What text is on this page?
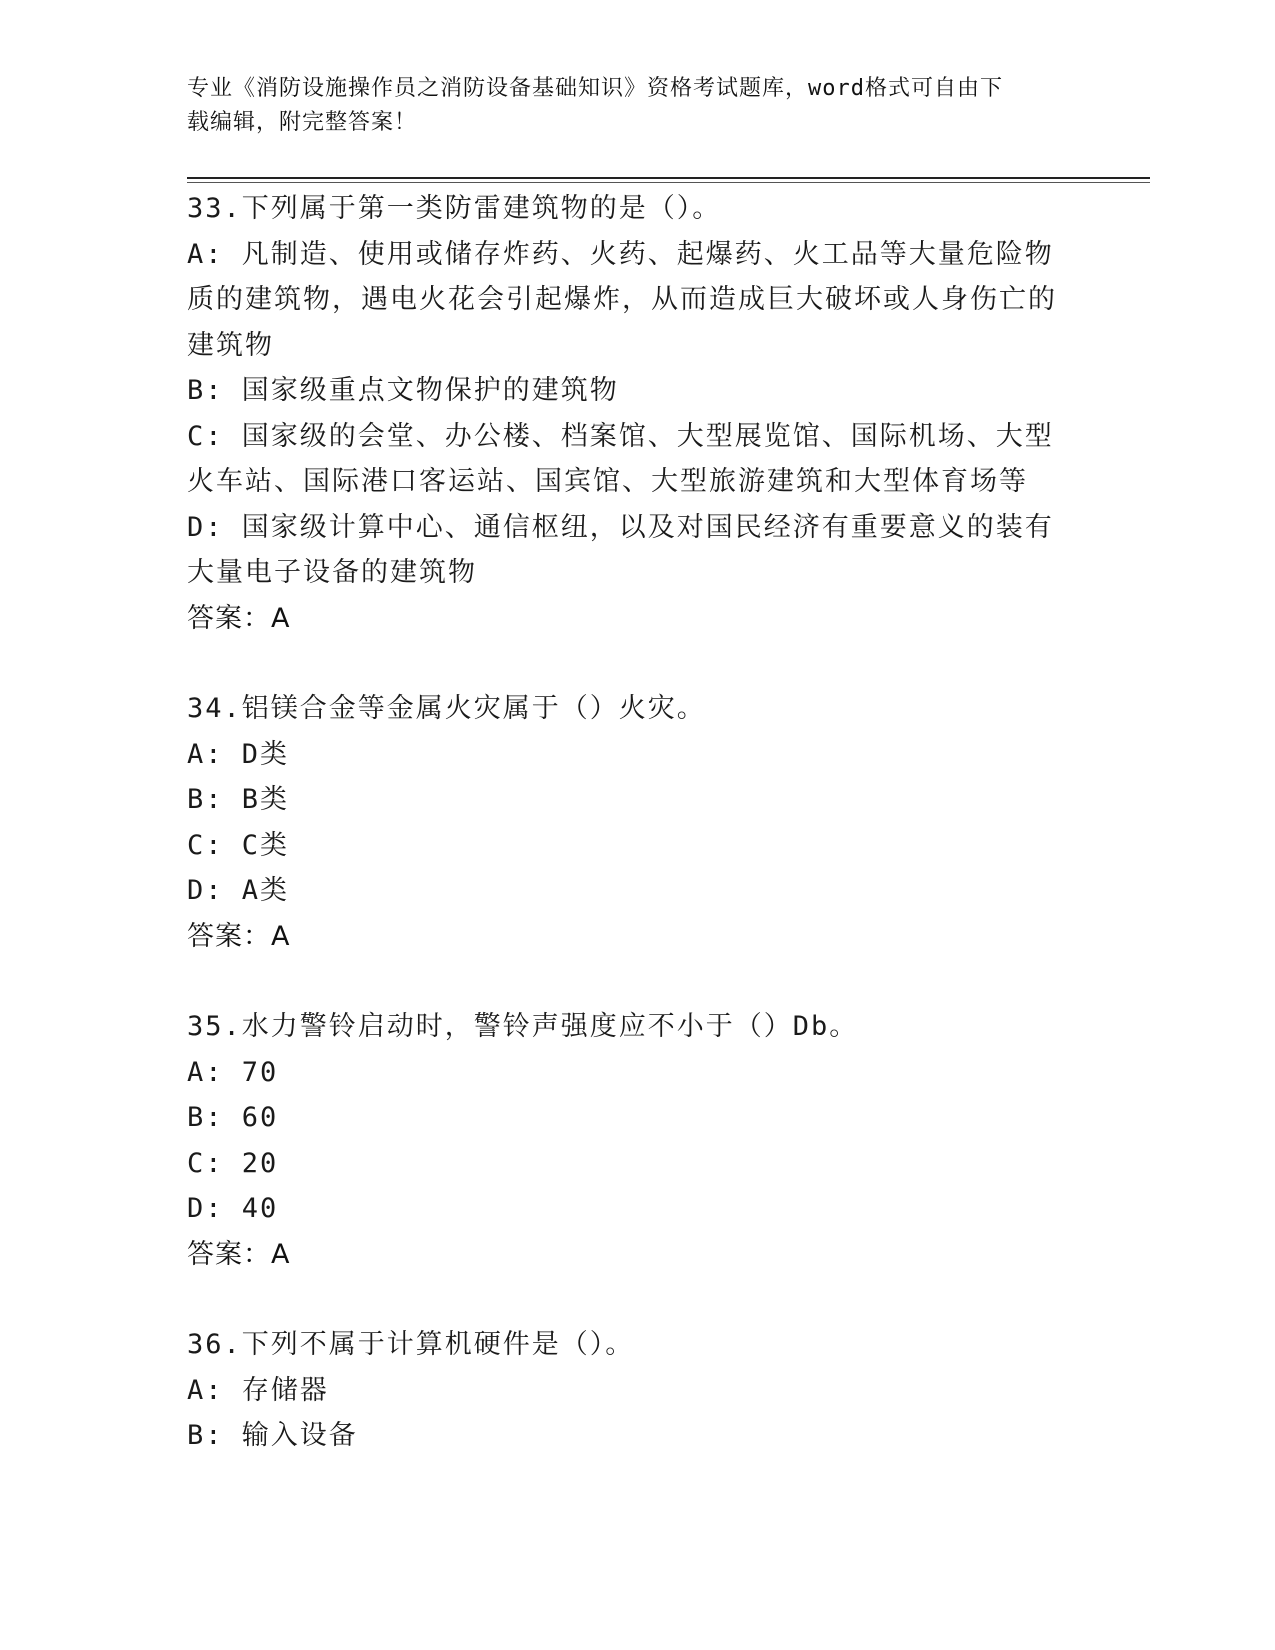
专业《消防设施操作员之消防设备基础知识》资格考试题库，word格式可自由下
载编辑，附完整答案！
33.下列属于第一类防雷建筑物的是（）。
A: 凡制造、使用或储存炸药、火药、起爆药、火工品等大量危险物质的建筑物，遇电火花会引起爆炸，从而造成巨大破坏或人身伤亡的建筑物
B: 国家级重点文物保护的建筑物
C: 国家级的会堂、办公楼、档案馆、大型展览馆、国际机场、大型火车站、国际港口客运站、国宾馆、大型旅游建筑和大型体育场等
D: 国家级计算中心、通信枢纽，以及对国民经济有重要意义的装有大量电子设备的建筑物
答案：A
34.铝镁合金等金属火灾属于（）火灾。
A: D类
B: B类
C: C类
D: A类
答案：A
35.水力警铃启动时，警铃声强度应不小于（）Db。
A: 70
B: 60
C: 20
D: 40
答案：A
36.下列不属于计算机硬件是（）。
A: 存储器
B: 输入设备
